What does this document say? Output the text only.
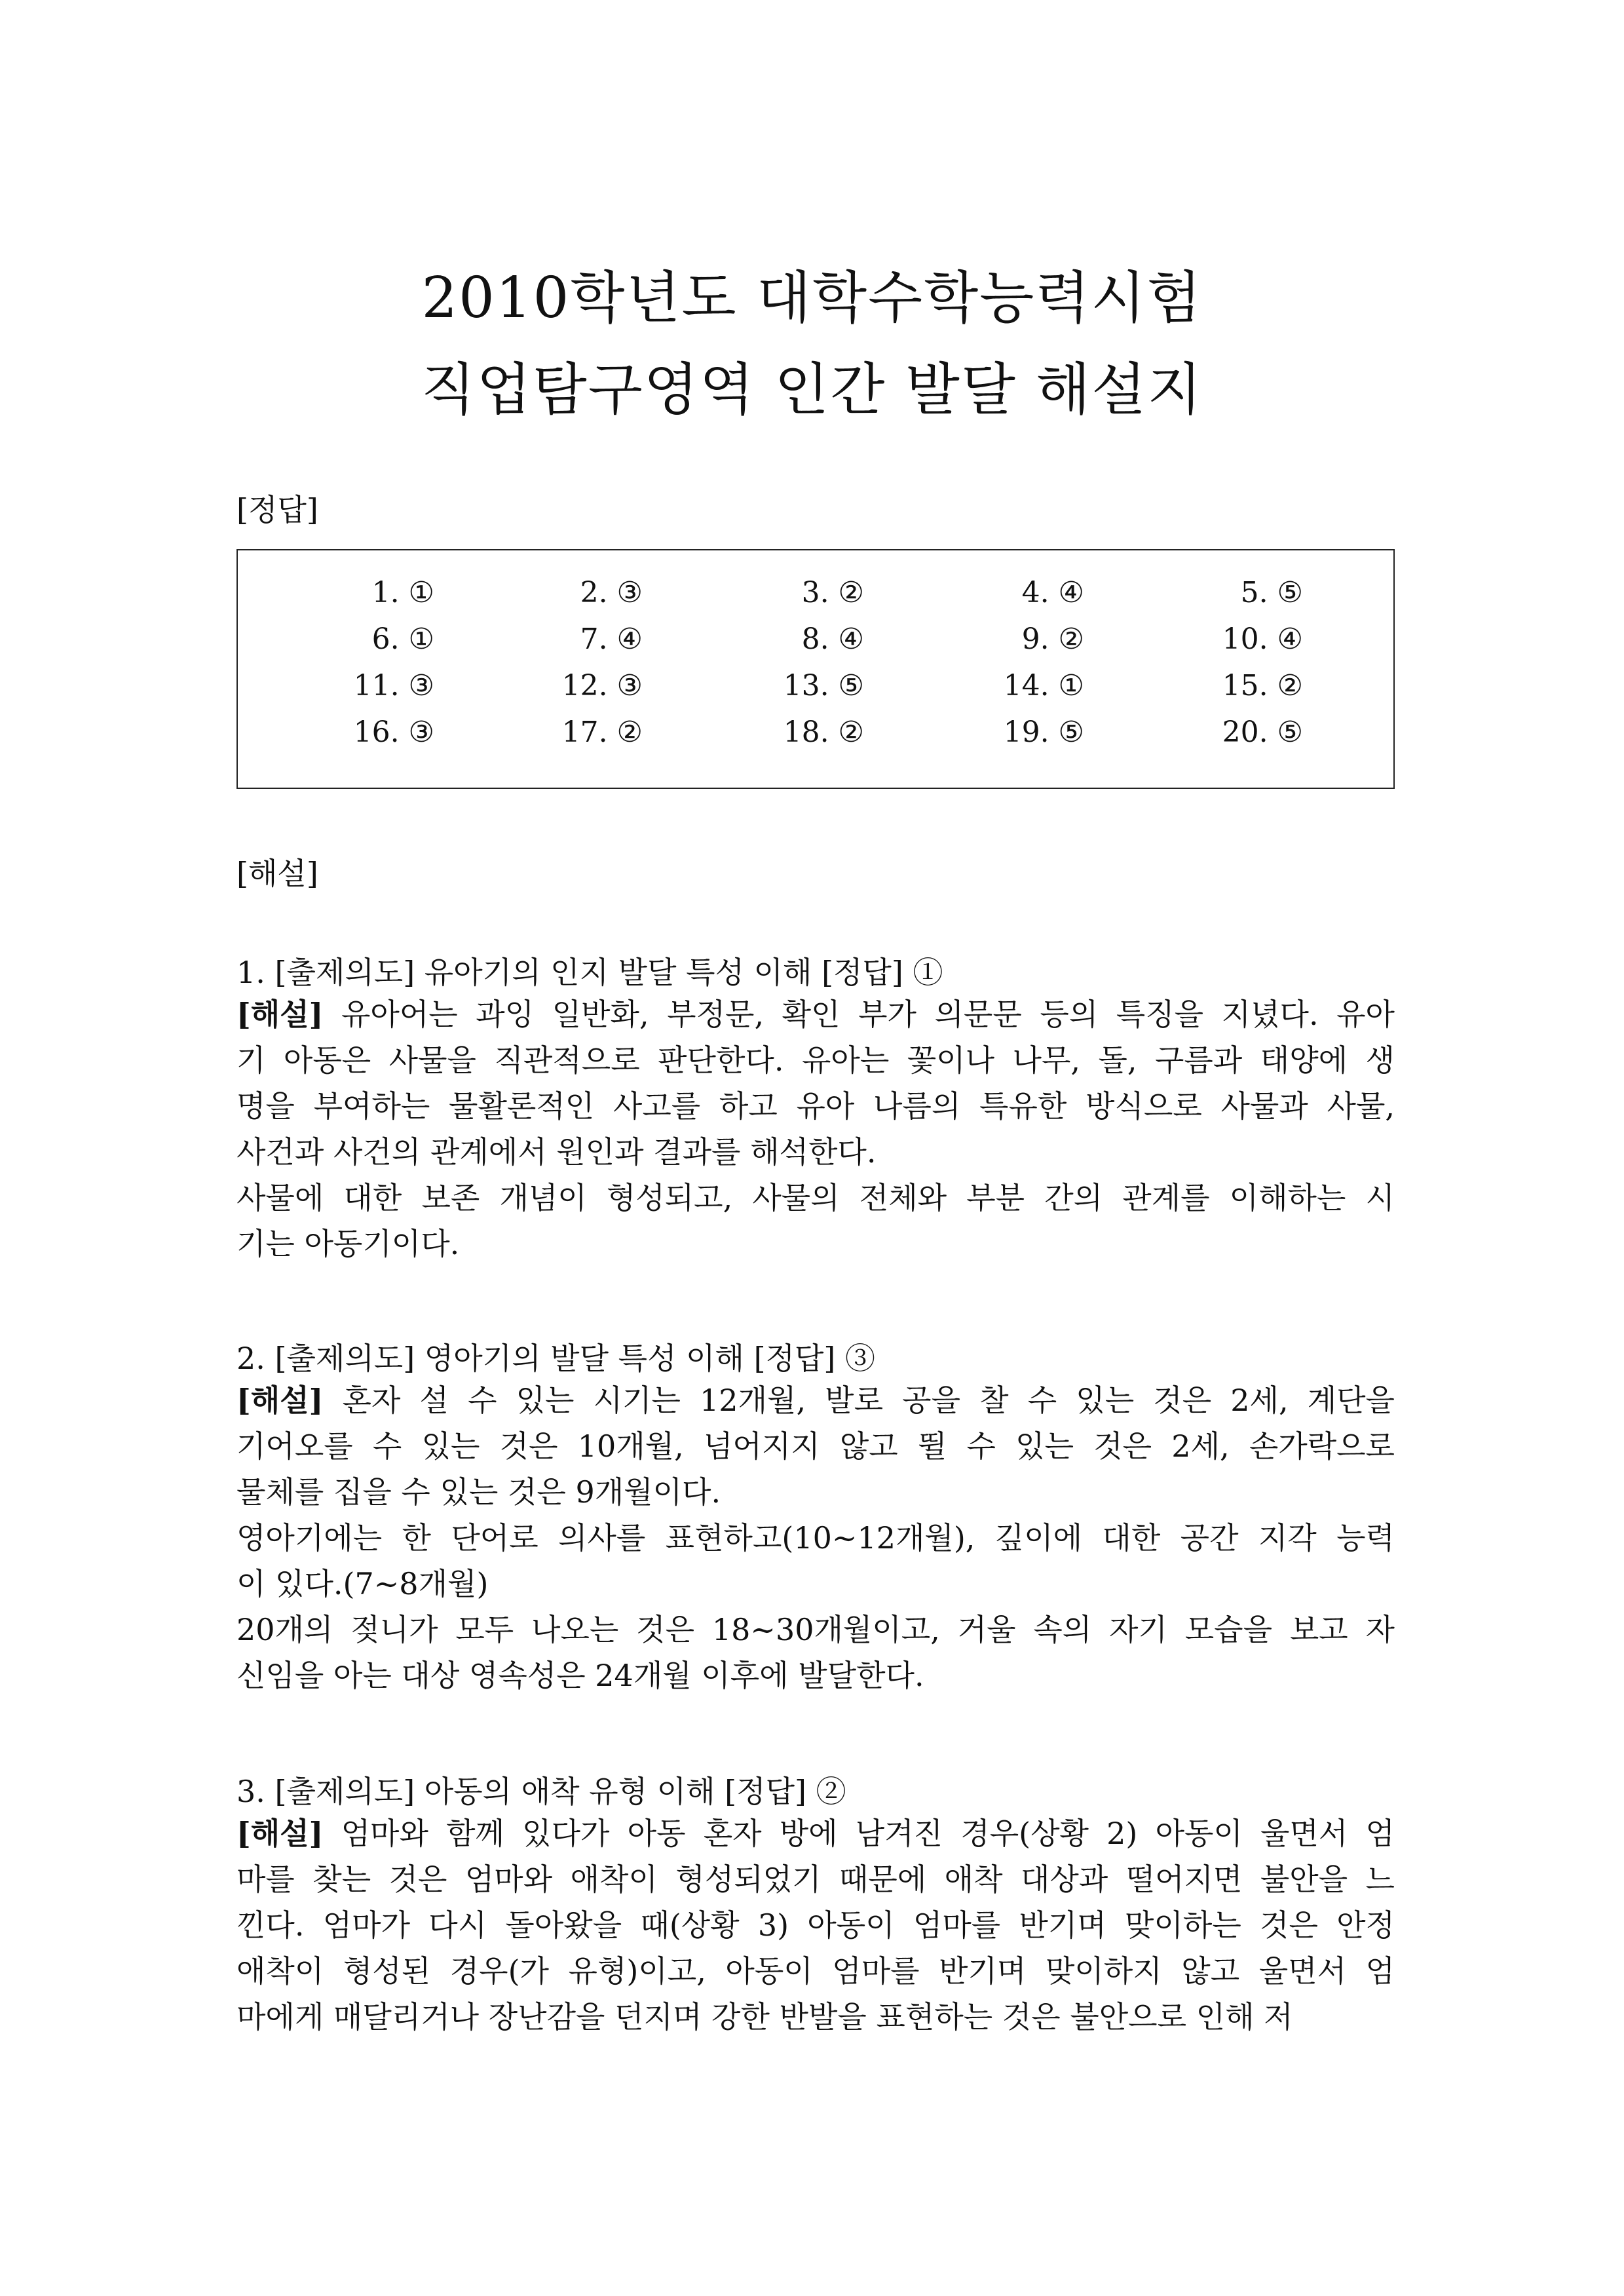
2010학년도 대학수학능력시험
직업탐구영역 인간 발달 해설지
[정답]
1. ①	2. ③	3. ②	4. ④	5. ⑤
6. ①	7. ④	8. ④	9. ②	10. ④
11. ③	12. ③	13. ⑤	14. ①	15. ②
16. ③	17. ②	18. ②	19. ⑤	20. ⑤
[해설]
1. [출제의도] 유아기의 인지 발달 특성 이해 [정답] ①
[해설] 유아어는 과잉 일반화, 부정문, 확인 부가 의문문 등의 특징을 지녔다. 유아
기 아동은 사물을 직관적으로 판단한다. 유아는 꽃이나 나무, 돌, 구름과 태양에 생
명을 부여하는 물활론적인 사고를 하고 유아 나름의 특유한 방식으로 사물과 사물,
사건과 사건의 관계에서 원인과 결과를 해석한다.
사물에 대한 보존 개념이 형성되고, 사물의 전체와 부분 간의 관계를 이해하는 시
기는 아동기이다.
2. [출제의도] 영아기의 발달 특성 이해 [정답] ③
[해설] 혼자 설 수 있는 시기는 12개월, 발로 공을 찰 수 있는 것은 2세, 계단을
기어오를 수 있는 것은 10개월, 넘어지지 않고 뛸 수 있는 것은 2세, 손가락으로
물체를 집을 수 있는 것은 9개월이다.
영아기에는 한 단어로 의사를 표현하고(10∼12개월), 깊이에 대한 공간 지각 능력
이 있다.(7∼8개월)
20개의 젖니가 모두 나오는 것은 18∼30개월이고, 거울 속의 자기 모습을 보고 자
신임을 아는 대상 영속성은 24개월 이후에 발달한다.
3. [출제의도] 아동의 애착 유형 이해 [정답] ②
[해설] 엄마와 함께 있다가 아동 혼자 방에 남겨진 경우(상황 2) 아동이 울면서 엄
마를 찾는 것은 엄마와 애착이 형성되었기 때문에 애착 대상과 떨어지면 불안을 느
낀다. 엄마가 다시 돌아왔을 때(상황 3) 아동이 엄마를 반기며 맞이하는 것은 안정
애착이 형성된 경우(가 유형)이고, 아동이 엄마를 반기며 맞이하지 않고 울면서 엄
마에게 매달리거나 장난감을 던지며 강한 반발을 표현하는 것은 불안으로 인해 저
